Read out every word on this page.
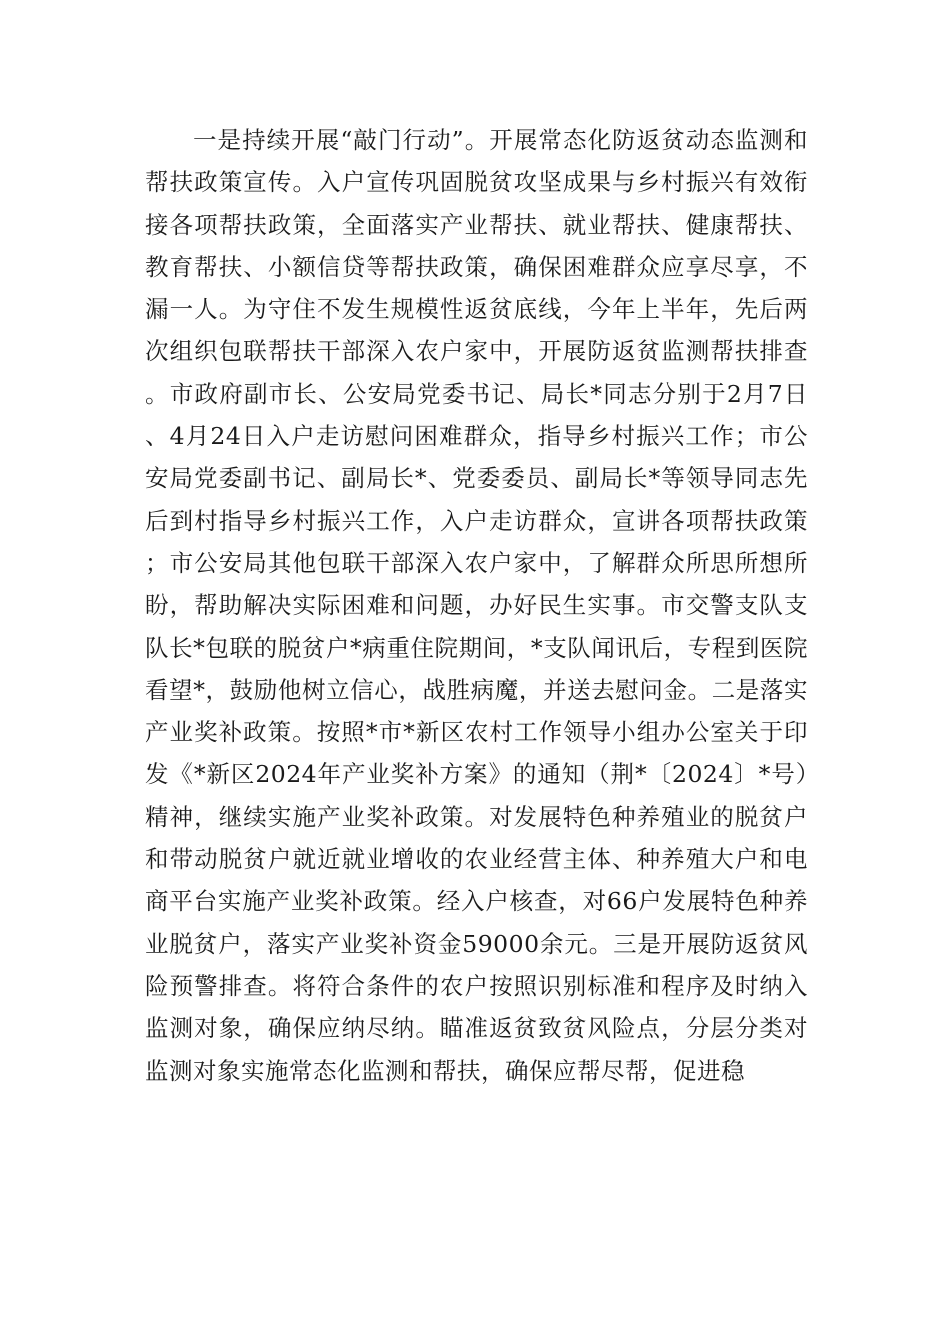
一是持续开展“敲门行动”。开展常态化防返贫动态监测和帮扶政策宣传。入户宣传巩固脱贫攻坚成果与乡村振兴有效衔接各项帮扶政策，全面落实产业帮扶、就业帮扶、健康帮扶、教育帮扶、小额信贷等帮扶政策，确保困难群众应享尽享，不漏一人。为守住不发生规模性返贫底线，今年上半年，先后两次组织包联帮扶干部深入农户家中，开展防返贫监测帮扶排查。市政府副市长、公安局党委书记、局长*同志分别于2月7日、4月24日入户走访慰问困难群众，指导乡村振兴工作；市公安局党委副书记、副局长*、党委委员、副局长*等领导同志先后到村指导乡村振兴工作，入户走访群众，宣讲各项帮扶政策；市公安局其他包联干部深入农户家中，了解群众所思所想所盼，帮助解决实际困难和问题，办好民生实事。市交警支队支队长*包联的脱贫户*病重住院期间，*支队闻讯后，专程到医院看望*，鼓励他树立信心，战胜病魔，并送去慰问金。二是落实产业奖补政策。按照*市*新区农村工作领导小组办公室关于印发《*新区2024年产业奖补方案》的通知（荆*〔2024〕*号）精神，继续实施产业奖补政策。对发展特色种养殖业的脱贫户和带动脱贫户就近就业增收的农业经营主体、种养殖大户和电商平台实施产业奖补政策。经入户核查，对66户发展特色种养业脱贫户，落实产业奖补资金59000余元。三是开展防返贫风险预警排查。将符合条件的农户按照识别标准和程序及时纳入监测对象，确保应纳尽纳。瞄准返贫致贫风险点，分层分类对监测对象实施常态化监测和帮扶，确保应帮尽帮，促进稳
